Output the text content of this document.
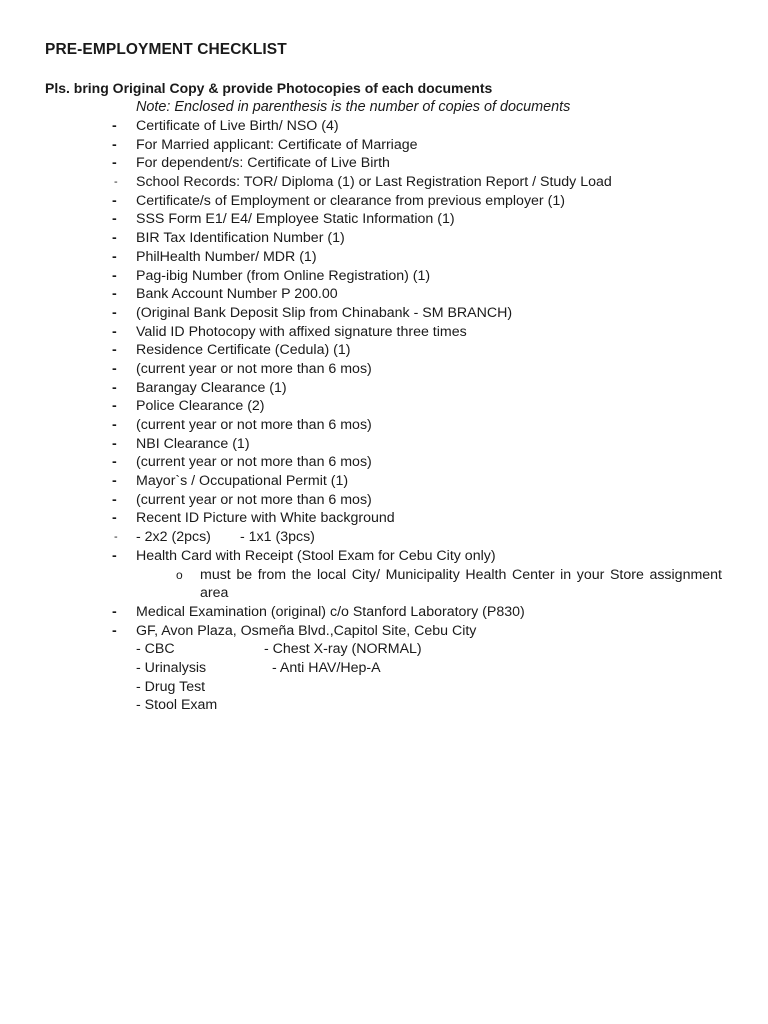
PRE-EMPLOYMENT CHECKLIST
Pls. bring Original Copy & provide Photocopies of each documents
Note: Enclosed in parenthesis is the number of copies of documents
- Certificate of Live Birth/ NSO (4)
- For Married applicant: Certificate of Marriage
- For dependent/s: Certificate of Live Birth
- School Records: TOR/ Diploma (1) or Last Registration Report / Study Load
- Certificate/s of Employment or clearance from previous employer (1)
- SSS Form E1/ E4/ Employee Static Information (1)
- BIR Tax Identification Number (1)
- PhilHealth Number/ MDR (1)
- Pag-ibig Number (from Online Registration) (1)
- Bank Account Number P 200.00
- (Original Bank Deposit Slip from Chinabank - SM BRANCH)
- Valid ID Photocopy with affixed signature three times
- Residence Certificate (Cedula) (1)
- (current year or not more than 6 mos)
- Barangay Clearance (1)
- Police Clearance (2)
- (current year or not more than 6 mos)
- NBI Clearance (1)
- (current year or not more than 6 mos)
- Mayor`s / Occupational Permit (1)
- (current year or not more than 6 mos)
- Recent ID Picture with White background
- - 2x2 (2pcs) - 1x1 (3pcs)
- Health Card with Receipt (Stool Exam for Cebu City only)
o must be from the local City/ Municipality Health Center in your Store assignment area
- Medical Examination (original) c/o Stanford Laboratory (P830)
- GF, Avon Plaza, Osmeña Blvd.,Capitol Site, Cebu City
- CBC	- Chest X-ray (NORMAL)
- Urinalysis	- Anti HAV/Hep-A
- Drug Test
- Stool Exam
